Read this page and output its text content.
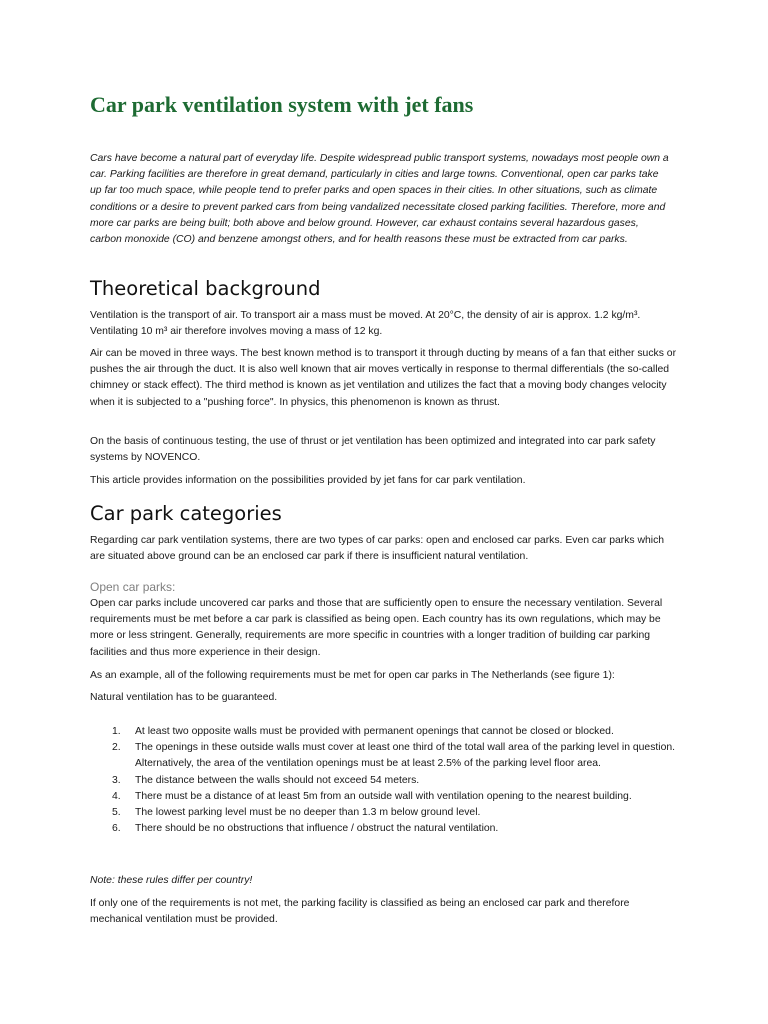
Car park ventilation system with jet fans

Cars have become a natural part of everyday life. Despite widespread public transport systems, nowadays most people own a car. Parking facilities are therefore in great demand, particularly in cities and large towns. Conventional, open car parks take up far too much space, while people tend to prefer parks and open spaces in their cities. In other situations, such as climate conditions or a desire to prevent parked cars from being vandalized necessitate closed parking facilities. Therefore, more and more car parks are being built; both above and below ground. However, car exhaust contains several hazardous gases, carbon monoxide (CO) and benzene amongst others, and for health reasons these must be extracted from car parks.

Theoretical background

Ventilation is the transport of air. To transport air a mass must be moved. At 20°C, the density of air is approx. 1.2 kg/m³. Ventilating 10 m³ air therefore involves moving a mass of 12 kg.

Air can be moved in three ways. The best known method is to transport it through ducting by means of a fan that either sucks or pushes the air through the duct. It is also well known that air moves vertically in response to thermal differentials (the so-called chimney or stack effect). The third method is known as jet ventilation and utilizes the fact that a moving body changes velocity when it is subjected to a "pushing force". In physics, this phenomenon is known as thrust.

On the basis of continuous testing, the use of thrust or jet ventilation has been optimized and integrated into car park safety systems by NOVENCO.

This article provides information on the possibilities provided by jet fans for car park ventilation.

Car park categories

Regarding car park ventilation systems, there are two types of car parks: open and enclosed car parks. Even car parks which are situated above ground can be an enclosed car park if there is insufficient natural ventilation.

Open car parks:

Open car parks include uncovered car parks and those that are sufficiently open to ensure the necessary ventilation. Several requirements must be met before a car park is classified as being open. Each country has its own regulations, which may be more or less stringent. Generally, requirements are more specific in countries with a longer tradition of building car parking facilities and thus more experience in their design.

As an example, all of the following requirements must be met for open car parks in The Netherlands (see figure 1):

Natural ventilation has to be guaranteed.

1. At least two opposite walls must be provided with permanent openings that cannot be closed or blocked.
2. The openings in these outside walls must cover at least one third of the total wall area of the parking level in question. Alternatively, the area of the ventilation openings must be at least 2.5% of the parking level floor area.
3. The distance between the walls should not exceed 54 meters.
4. There must be a distance of at least 5m from an outside wall with ventilation opening to the nearest building.
5. The lowest parking level must be no deeper than 1.3 m below ground level.
6. There should be no obstructions that influence / obstruct the natural ventilation.

Note: these rules differ per country!

If only one of the requirements is not met, the parking facility is classified as being an enclosed car park and therefore mechanical ventilation must be provided.
